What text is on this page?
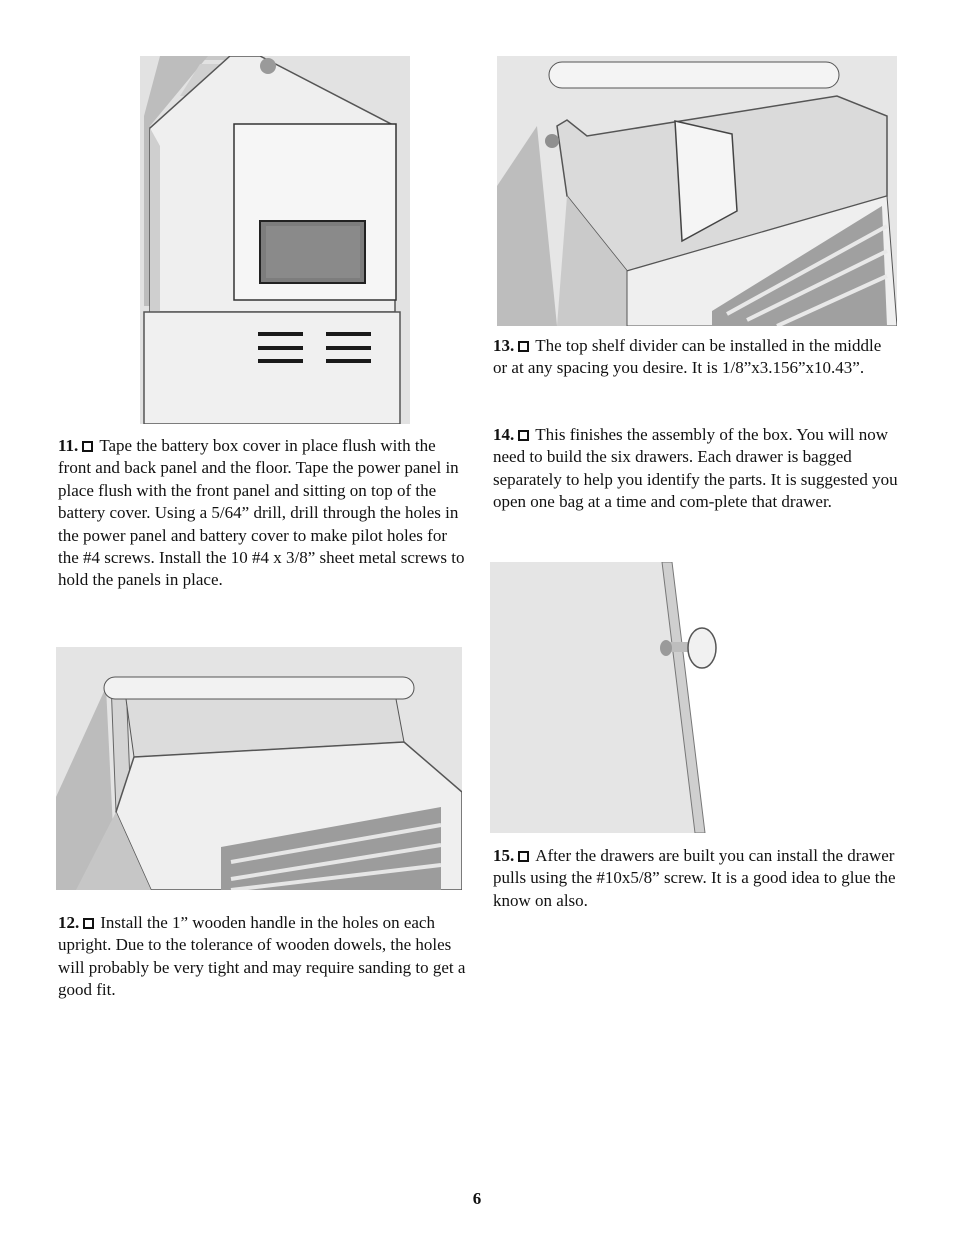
11. Tape the battery box cover in place flush with the front and back panel and the floor. Tape the power panel in place flush with the front panel and sitting on top of the battery cover. Using a 5/64” drill, drill through the holes in the power panel and battery cover to make pilot holes for the #4 screws. Install the 10 #4 x 3/8” sheet metal screws to hold the panels in place.

12. Install the 1” wooden handle in the holes on each upright. Due to the tolerance of wooden dowels, the holes will probably be very tight and may require sanding to get a good fit.

13. The top shelf divider can be installed in the middle or at any spacing you desire. It is 1/8”x3.156”x10.43”.

14. This finishes the assembly of the box. You will now need to build the six drawers. Each drawer is bagged separately to help you identify the parts. It is suggested you open one bag at a time and com-plete that drawer.

15. After the drawers are built you can install the drawer pulls using the #10x5/8” screw. It is a good idea to glue the know on also.

6
